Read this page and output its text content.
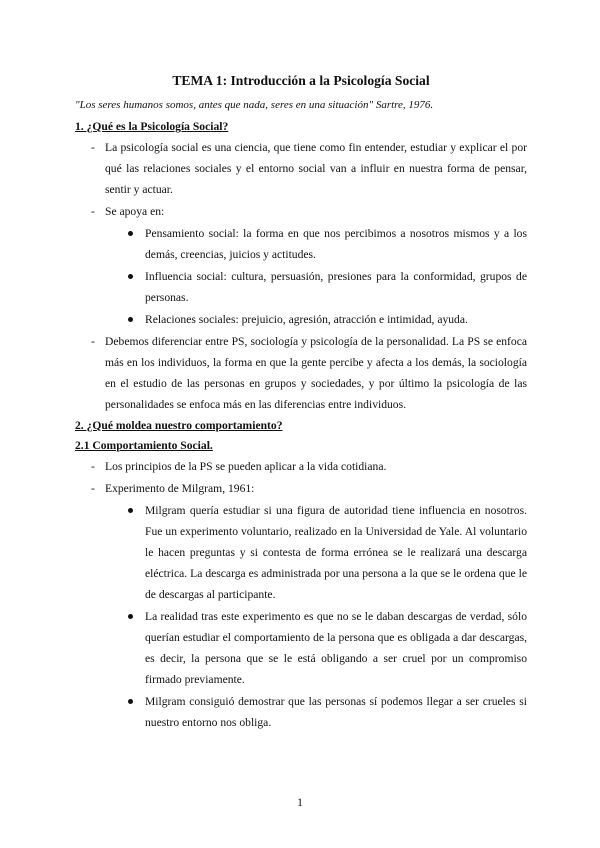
TEMA 1: Introducción a la Psicología Social

"Los seres humanos somos, antes que nada, seres en una situación" Sartre, 1976.

1. ¿Qué es la Psicología Social?

- La psicología social es una ciencia, que tiene como fin entender, estudiar y explicar el por qué las relaciones sociales y el entorno social van a influir en nuestra forma de pensar, sentir y actuar.
- Se apoya en:
Pensamiento social: la forma en que nos percibimos a nosotros mismos y a los demás, creencias, juicios y actitudes.
Influencia social: cultura, persuasión, presiones para la conformidad, grupos de personas.
Relaciones sociales: prejuicio, agresión, atracción e intimidad, ayuda.
- Debemos diferenciar entre PS, sociología y psicología de la personalidad. La PS se enfoca más en los individuos, la forma en que la gente percibe y afecta a los demás, la sociología en el estudio de las personas en grupos y sociedades, y por último la psicología de las personalidades se enfoca más en las diferencias entre individuos.

2. ¿Qué moldea nuestro comportamiento?

2.1 Comportamiento Social.

- Los principios de la PS se pueden aplicar a la vida cotidiana.
- Experimento de Milgram, 1961:
Milgram quería estudiar si una figura de autoridad tiene influencia en nosotros. Fue un experimento voluntario, realizado en la Universidad de Yale. Al voluntario le hacen preguntas y si contesta de forma errónea se le realizará una descarga eléctrica. La descarga es administrada por una persona a la que se le ordena que le de descargas al participante.
La realidad tras este experimento es que no se le daban descargas de verdad, sólo querían estudiar el comportamiento de la persona que es obligada a dar descargas, es decir, la persona que se le está obligando a ser cruel por un compromiso firmado previamente.
Milgram consiguió demostrar que las personas sí podemos llegar a ser crueles si nuestro entorno nos obliga.
1
